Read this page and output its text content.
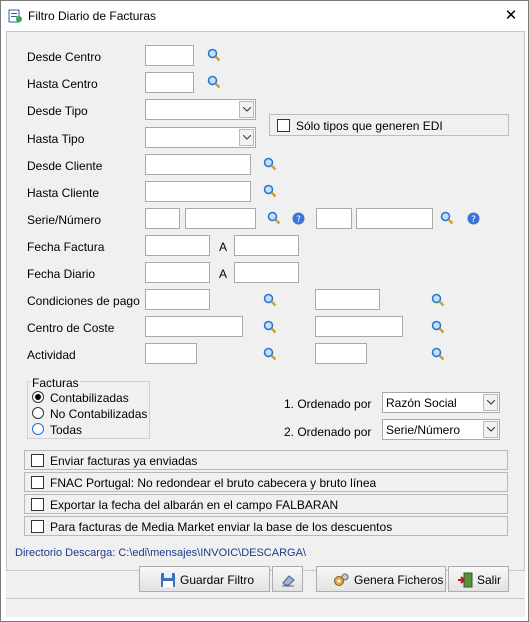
Filtro Diario de Facturas	✕
Desde Centro
Hasta Centro
Desde Tipo
Sólo tipos que generen EDI
Hasta Tipo
Desde Cliente
Hasta Cliente
Serie/Número	?	?
Fecha Factura	A
Fecha Diario	A
Condiciones de pago
Centro de Coste
Actividad
Facturas
Contabilizadas
No Contabilizadas
Todas
1. Ordenado por Razón Social
2. Ordenado por Serie/Número
Enviar facturas ya enviadas
FNAC Portugal: No redondear el bruto cabecera y bruto línea
Exportar la fecha del albarán en el campo FALBARAN
Para facturas de Media Market enviar la base de los descuentos
Directorio Descarga: C:\edi\mensajes\INVOIC\DESCARGA\
Guardar Filtro	Genera Ficheros	Salir
